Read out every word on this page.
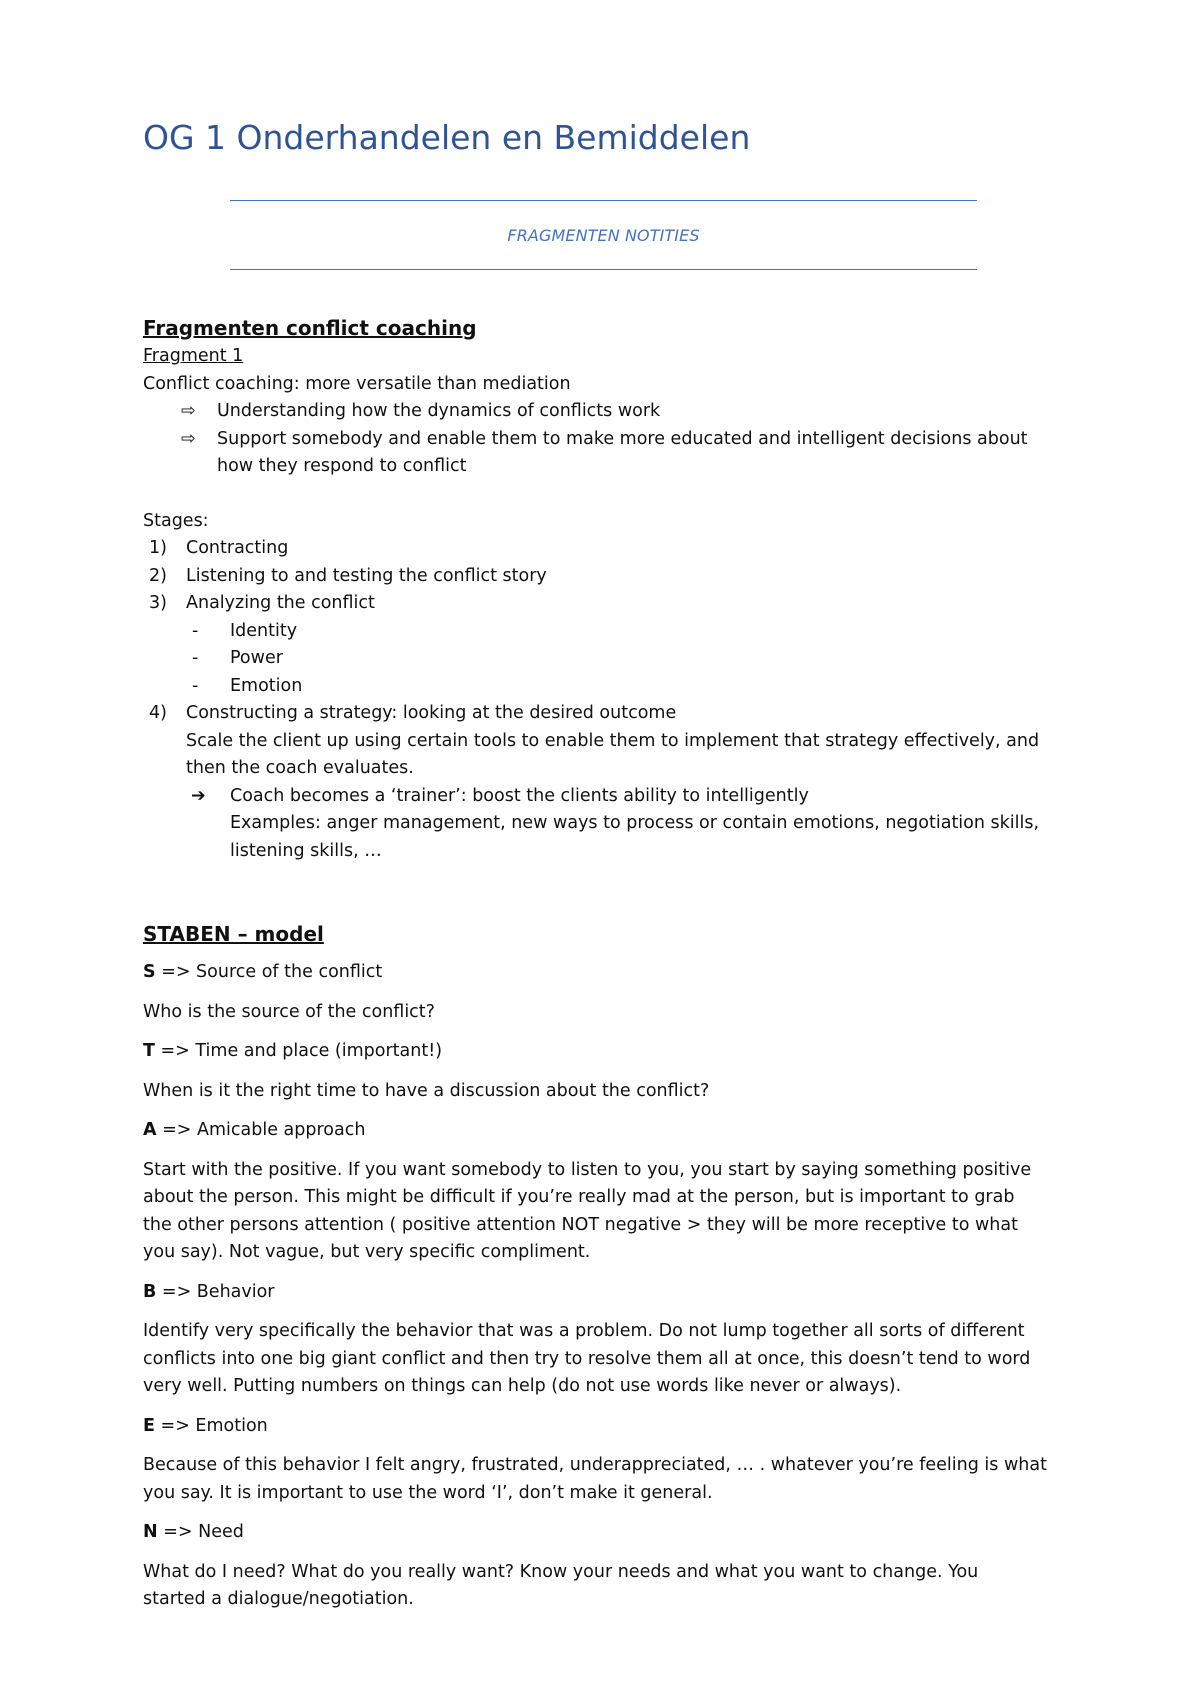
OG 1 Onderhandelen en Bemiddelen
FRAGMENTEN NOTITIES
Fragmenten conflict coaching
Fragment 1
Conflict coaching: more versatile than mediation
⇨ Understanding how the dynamics of conflicts work
⇨ Support somebody and enable them to make more educated and intelligent decisions about
how they respond to conflict
Stages:
1) Contracting
2) Listening to and testing the conflict story
3) Analyzing the conflict
- Identity
- Power
- Emotion
4) Constructing a strategy: looking at the desired outcome
Scale the client up using certain tools to enable them to implement that strategy effectively, and
then the coach evaluates.
➔ Coach becomes a ‘trainer’: boost the clients ability to intelligently
Examples: anger management, new ways to process or contain emotions, negotiation skills,
listening skills, …
STABEN – model
S => Source of the conflict
Who is the source of the conflict?
T => Time and place (important!)
When is it the right time to have a discussion about the conflict?
A => Amicable approach
Start with the positive. If you want somebody to listen to you, you start by saying something positive
about the person. This might be difficult if you’re really mad at the person, but is important to grab
the other persons attention ( positive attention NOT negative > they will be more receptive to what
you say). Not vague, but very specific compliment.
B => Behavior
Identify very specifically the behavior that was a problem. Do not lump together all sorts of different
conflicts into one big giant conflict and then try to resolve them all at once, this doesn’t tend to word
very well. Putting numbers on things can help (do not use words like never or always).
E => Emotion
Because of this behavior I felt angry, frustrated, underappreciated, … . whatever you’re feeling is what
you say. It is important to use the word ‘I’, don’t make it general.
N => Need
What do I need? What do you really want? Know your needs and what you want to change. You
started a dialogue/negotiation.
